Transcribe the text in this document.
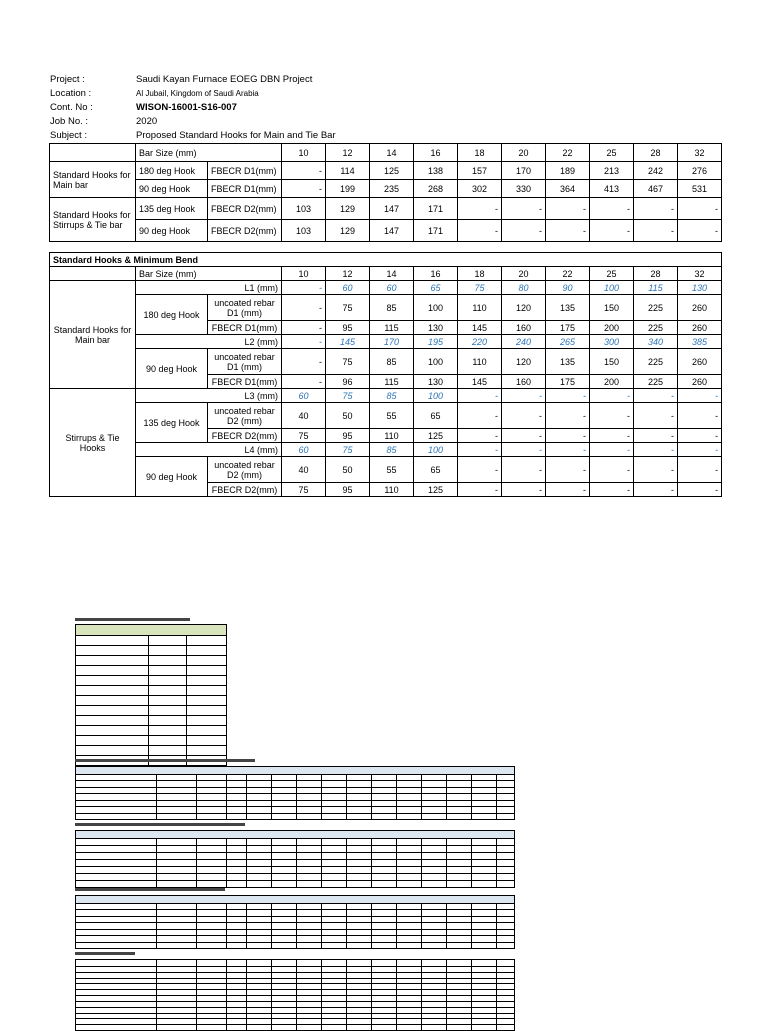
Project :	Saudi Kayan Furnace EOEG DBN Project
Location :	Al Jubail, Kingdom of Saudi Arabia
Cont. No :	WISON-16001-S16-007
Job No. :	2020
Subject :	Proposed Standard Hooks for Main and Tie Bar
	Bar Size (mm)		10	12	14	16	18	20	22	25	28	32
Standard Hooks for Main bar	180 deg Hook	FBECR D1(mm)	-	114	125	138	157	170	189	213	242	276
	90 deg Hook	FBECR D1(mm)	-	199	235	268	302	330	364	413	467	531
Standard Hooks for Stirrups & Tie bar	135 deg Hook	FBECR D2(mm)	103	129	147	171	-	-	-	-	-	-
	90 deg Hook	FBECR D2(mm)	103	129	147	171	-	-	-	-	-	-
Standard Hooks & Minimum Bend												
	Bar Size (mm)		10	12	14	16	18	20	22	25	28	32
Standard Hooks for Main bar	L1 (mm)		-	60	60	65	75	80	90	100	115	130
	180 deg Hook	uncoated rebar D1 (mm)	-	75	85	100	110	120	135	150	225	260
		FBECR D1(mm)	-	95	115	130	145	160	175	200	225	260
	L2 (mm)		-	145	170	195	220	240	265	300	340	385
	90 deg Hook	uncoated rebar D1 (mm)	-	75	85	100	110	120	135	150	225	260
		FBECR D1(mm)	-	96	115	130	145	160	175	200	225	260
Stirrups & Tie Hooks	L3 (mm)		60	75	85	100	-	-	-	-	-	-
	135 deg Hook	uncoated rebar D2 (mm)	40	50	55	65	-	-	-	-	-	-
		FBECR D2(mm)	75	95	110	125	-	-	-	-	-	-
	L4 (mm)		60	75	85	100	-	-	-	-	-	-
	90 deg Hook	uncoated rebar D2 (mm)	40	50	55	65	-	-	-	-	-	-
		FBECR D2(mm)	75	95	110	125	-	-	-	-	-	-
